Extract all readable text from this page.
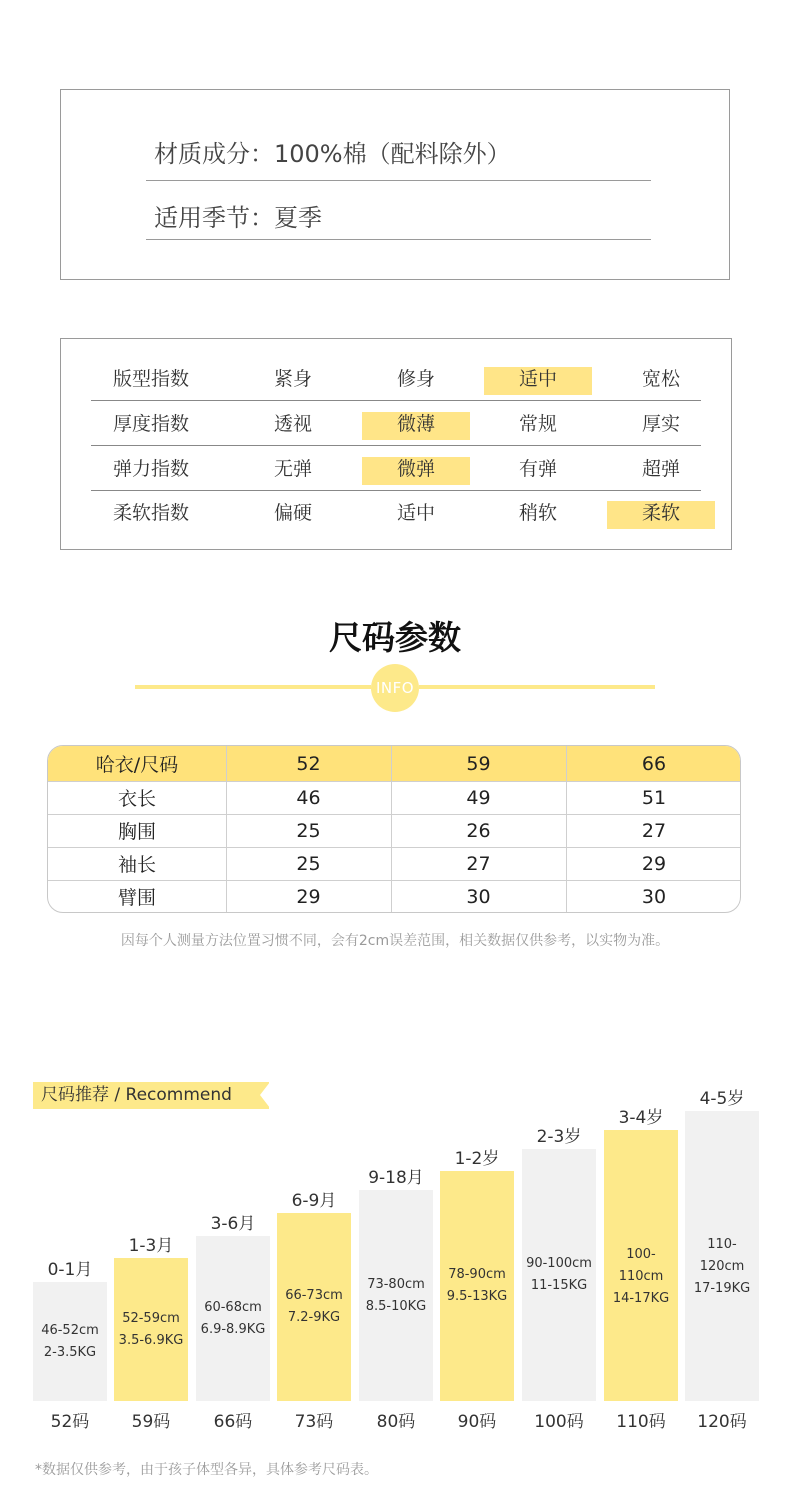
材质成分：100%棉（配料除外）
适用季节：夏季
版型指数	紧身	修身	适中	宽松
厚度指数	透视	微薄	常规	厚实
弹力指数	无弹	微弹	有弹	超弹
柔软指数	偏硬	适中	稍软	柔软
尺码参数
INFO
哈衣/尺码	52	59	66
衣长	46	49	51
胸围	25	26	27
袖长	25	27	29
臂围	29	30	30
因每个人测量方法位置习惯不同，会有2cm误差范围，相关数据仅供参考，以实物为准。
尺码推荐 / Recommend
46-52cm
2-3.5KG
0-1月
52码
52-59cm
3.5-6.9KG
1-3月
59码
60-68cm
6.9-8.9KG
3-6月
66码
66-73cm
7.2-9KG
6-9月
73码
73-80cm
8.5-10KG
9-18月
80码
78-90cm
9.5-13KG
1-2岁
90码
90-100cm
11-15KG
2-3岁
100码
100-110cm
14-17KG
3-4岁
110码
110-120cm
17-19KG
4-5岁
120码
*数据仅供参考，由于孩子体型各异，具体参考尺码表。
